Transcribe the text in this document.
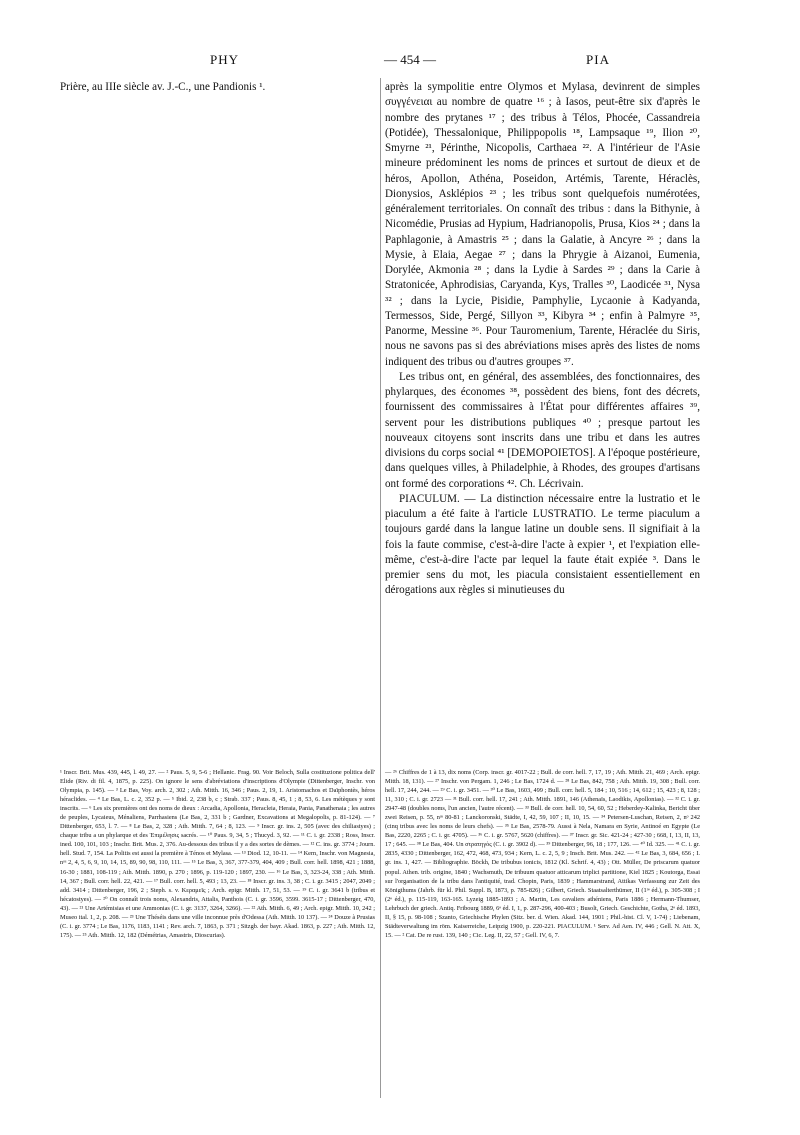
— 454 —
PHY	PIA

Prière, au IIIe siècle av. J.-C., une Pandionis ¹.	après la sympolitie entre Olymos et Mylasa, devinrent de simples συγγένειαι au nombre de quatre ¹⁶ ; à Iasos, peut-être six d'après le nombre des prytanes ¹⁷ ; des tribus à Télos, Phocée, Cassandreia (Potidée), Thessalonique, Philippopolis ¹⁸, Lampsaque ¹⁹, Ilion ²⁰, Smyrne ²¹, Périnthe, Nicopolis, Carthaea ²². A l'intérieur de l'Asie mineure prédominent les noms de princes et surtout de dieux et de héros, Apollon, Athéna, Poseidon, Artémis, Tarente, Héraclès, Dionysios, Asklépios ²³ ; les tribus sont quelquefois numérotées, généralement territoriales. On connaît des tribus : dans la Bithynie, à Nicomédie, Prusias ad Hypium, Hadrianopolis, Prusa, Kios ²⁴ ; dans la Paphlagonie, à Amastris ²⁵ ; dans la Galatie, à Ancyre ²⁶ ; dans la Mysie, à Elaia, Aegae ²⁷ ; dans la Phrygie à Aizanoi, Eumenia, Dorylée, Akmonia ²⁸ ; dans la Lydie à Sardes ²⁹ ; dans la Carie à Stratonicée, Aphrodisias, Caryanda, Kys, Tralles ³⁰, Laodicée ³¹, Nysa ³² ; dans la Lycie, Pisidie, Pamphylie, Lycaonie à Kadyanda, Termessos, Side, Pergé, Sillyon ³³, Kibyra ³⁴ ; enfin à Palmyre ³⁵, Panorme, Messine ³⁶. Pour Tauromenium, Tarente, Héraclée du Siris, nous ne savons pas si des abréviations mises après des listes de noms indiquent des tribus ou d'autres groupes ³⁷.

Les tribus ont, en général, des assemblées, des fonctionnaires, des phylarques, des économes ³⁸, possèdent des biens, font des décrets, fournissent des commissaires à l'État pour différentes affaires ³⁹, servent pour les distributions publiques ⁴⁰ ; presque partout les nouveaux citoyens sont inscrits dans une tribu et dans les autres divisions du corps social ⁴¹ [DEMOPOIETOS]. A l'époque postérieure, dans quelques villes, à Philadelphie, à Rhodes, des groupes d'artisans ont formé des corporations ⁴². Ch. Lécrivain.

PIACULUM. — La distinction nécessaire entre la lustratio et le piaculum a été faite à l'article LUSTRATIO. Le terme piaculum a toujours gardé dans la langue latine un double sens. Il signifiait à la fois la faute commise, c'est-à-dire l'acte à expier ¹, et l'expiation elle-même, c'est-à-dire l'acte par lequel la faute était expiée ³. Dans le premier sens du mot, les piacula consistaient essentiellement en dérogations aux règles si minutieuses du

¹ Inscr. Brit. Mus. 439, 445, l. 49, 27. — ² Paus. 5, 9, 5-6 ; Hellanic. Frag. 90. Voir Beloch, Sulla costituzione politica dell' Elide (Riv. di fil. 4, 1875, p. 225). On ignore le sens d'abréviations d'inscriptions d'Olympie (Dittenberger, Inschr. von Olympia, p. 145). — ³ Le Bas, Voy. arch. 2, 302 ; Ath. Mitth. 16, 346 ; Paus. 2, 19, 1. Aristomachos et Daïphontès, héros héraclides. — ⁴ Le Bas, L. c. 2, 352 p. — ⁵ Ibid. 2, 238 b, c ; Strab. 337 ; Paus. 8, 45, 1 ; 8, 53, 6. Les métèques y sont inscrits. — ⁶ Les six premières ont des noms de dieux : Arcadia, Apollonia, Heracleia, Heraia, Pania, Panathenaia ; les autres de peuples, Lycaieus, Ménaliens, Parrhasiens (Le Bas, 2, 331 b ; Gardner, Excavations at Megalopolis, p. 81-124). — ⁷ Dittenberger, 653, l. 7. — ⁸ Le Bas, 2, 328 ; Ath. Mitth. 7, 64 ; 8, 123. — ⁹ Inscr. gr. ins. 2, 505 (avec des chiliastyes) ; chaque tribu a un phylarque et des Ἐπιμέλησις sacrés. — ¹⁰ Paus. 9, 34, 5 ; Thucyd. 3, 92. — ¹¹ C. i. gr. 2338 ; Ross, Inscr. ined. 100, 101, 103 ; Inschr. Brit. Mus. 2, 376. Au-dessous des tribus il y a des sortes de dèmes. — ¹² C. ins. gr. 3774 ; Journ. hell. Stud. 7, 154. La Politis est aussi la première à Ténos et Mylasa. — ¹³ Diod. 12, 10-11. — ¹⁴ Kern, Inschr. von Magnesia, nᵒˢ 2, 4, 5, 6, 9, 10, 14, 15, 89, 90, 98, 110, 111. — ¹⁵ Le Bas, 3, 367, 377-379, 404, 409 ; Bull. corr. hell. 1898, 421 ; 1888, 16-30 ; 1881, 108-119 ; Ath. Mitth. 1890, p. 270 ; 1896, p. 119-120 ; 1897, 230. — ¹⁶ Le Bas, 3, 323-24, 338 ; Ath. Mitth. 14, 367 ; Bull. corr. hell. 22, 421. — ¹⁷ Bull. corr. hell. 5, 493 ; 13, 23. — ¹⁸ Inscr. gr. ins. 3, 38 ; C. i. gr. 3415 ; 2047, 2049 ; add. 3414 ; Dittenberger, 196, 2 ; Steph. s. v. Κεραμεῖς ; Arch. epigr. Mitth. 17, 51, 53. — ¹⁹ C. i. gr. 3641 b (tribus et hécatostyes). — ²⁰ On connaît trois noms, Alexandris, Attalis, Panthois (C. i. gr. 3596, 3599. 3615-17 ; Dittenberger, 470, 43). — ²¹ Une Artémisias et une Ammonias (C. i. gr. 3137, 3264, 3266). — ²² Ath. Mitth. 6, 49 ; Arch. epigr. Mitth. 10, 242 ; Museo ital. 1, 2, p. 208. — ²³ Une Théséis dans une ville inconnue près d'Odessa (Ath. Mitth. 10 137). — ²⁴ Douze à Prusias (C. i. gr. 3774 ; Le Bas, 1176, 1183, 1141 ; Rev. arch. 7, 1863, p. 371 ; Sitzgb. der bayr. Akad. 1863, p. 227 ; Ath. Mitth. 12, 175). — ²⁵ Ath. Mitth. 12, 182 (Démétrias, Amastris, Dioscurias).

— ²⁶ Chiffres de 1 à 13, dix noms (Corp. inscr. gr. 4017-22 ; Bull. de corr. hell. 7, 17, 19 ; Ath. Mitth. 21, 469 ; Arch. epigr. Mitth. 18, 131). — ²⁷ Inschr. von Pergam. 1, 246 ; Le Bas, 1724 d. — ²⁸ Le Bas, 842, 758 ; Ath. Mitth. 19, 308 ; Bull. corr. hell. 17, 244, 244. — ²⁹ C. i. gr. 3451. — ³⁰ Le Bas, 1603, 499 ; Bull. corr. hell. 5, 184 ; 10, 516 ; 14, 612 ; 15, 423 ; 8, 128 ; 11, 310 ; C. i. gr. 2723 — ³¹ Bull. corr. hell. 17, 241 ; Ath. Mitth. 1891, 146 (Athenaïs, Laodikis, Apollonias). — ³² C. i. gr. 2947-48 (doubles noms, l'un ancien, l'autre récent). — ³³ Bull. de corr. hell. 10, 54, 60, 52 ; Heberdey-Kalinka, Bericht über zwei Reisen, p. 55, nᵒˢ 80-81 ; Lanckoronski, Städte, I, 42, 59, 107 ; II, 10, 15. — ³⁴ Petersen-Luschan, Reisen, 2, nᵒ 242 (cinq tribus avec les noms de leurs chefs). — ³⁵ Le Bas, 2578-79. Aussi à Nela, Namara en Syrie, Antinoé en Egypte (Le Bas, 2220, 2265 ; C. i. gr. 4705). — ³⁶ C. i. gr. 5767, 5620 (chiffres). — ³⁷ Inscr. gr. Sic. 421-24 ; 427-30 ; 668, I, 13, II, 13, 17 ; 645. — ³⁸ Le Bas, 404. Un στρατηγὸς (C. i. gr. 3902 d). — ³⁹ Dittenberger, 96, 18 ; 177, 126. — ⁴⁰ Id. 325. — ⁴¹ C. i. gr. 2835, 4330 ; Dittenberger, 162, 472, 468, 473, 934 ; Kern, L. c. 2, 5, 9 ; Insch. Brit. Mus. 242. — ⁴² Le Bas, 3, 684, 656 ; I. gr. ins. 1, 427. — Bibliographie. Böckh, De tribubus ionicis, 1812 (Kl. Schrif. 4, 43) ; Ott. Müller, De priscarum quatuor popul. Athen. trib. origine, 1840 ; Wachsmuth, De tribuum quatuor atticarum triplici partitione, Kiel 1825 ; Koutorga, Essai sur l'organisation de la tribu dans l'antiquité, trad. Chopin, Paris, 1839 ; Hammarstrand, Attikas Verfassung zur Zeit des Königthums (Jahrb. für kl. Phil. Suppl. B, 1873, p. 785-826) ; Gilbert, Griech. Staatsalterthümer, II (1ʳᵉ éd.), p. 305-308 ; I (2ᵉ éd.), p. 115-119, 163-165. Lyzeig 1885-1893 ; A. Martin, Les cavaliers athéniens, Paris 1886 ; Hermann-Thumser, Lehrbuch der griech. Antiq. Fribourg 1889, 6ᵉ éd. I, 1, p. 287-296, 400-403 ; Busolt, Griech. Geschichte, Gotha, 2ᵉ éd. 1893, II, § 15, p. 98-108 ; Szanto, Griechische Phylen (Sitz. ber. d. Wien. Akad. 144, 1901 ; Phil.-hist. Cl. V, 1-74) ; Liebenam, Städteverwaltung im röm. Kaiserreiche, Leipzig 1900, p. 220-221. PIACULUM. ¹ Serv. Ad Aen. IV, 446 ; Gell. N. Att. X, 15. — ² Cat. De re rust. 139, 140 ; Cic. Leg. II, 22, 57 ; Gell. IV, 6, 7.
